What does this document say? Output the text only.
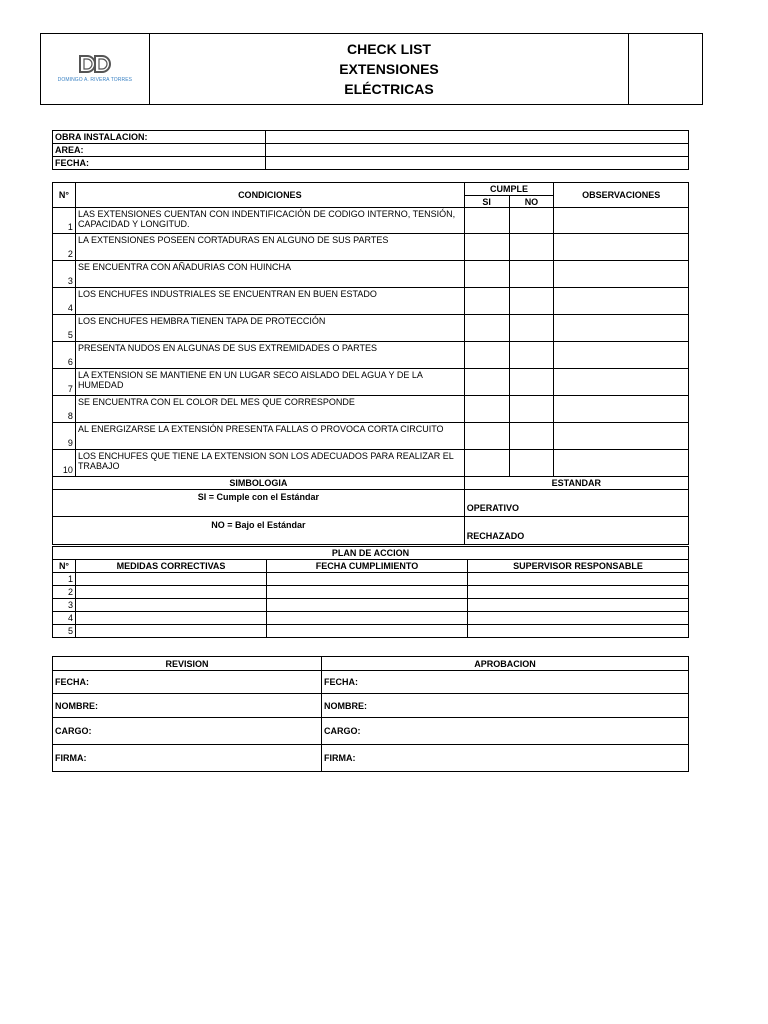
DOMINGO A. RIVERA TORRES

CHECK LIST
EXTENSIONES
ELÉCTRICAS

OBRA INSTALACION:	
AREA:	
FECHA:	
N°	CONDICIONES	CUMPLE		OBSERVACIONES
		SI	NO	
1	LAS EXTENSIONES CUENTAN CON INDENTIFICACIÓN DE CODIGO INTERNO, TENSIÓN, CAPACIDAD Y LONGITUD.			
2	LA EXTENSIONES POSEEN CORTADURAS EN ALGUNO DE SUS PARTES			
3	SE ENCUENTRA CON AÑADURIAS CON HUINCHA			
4	LOS ENCHUFES INDUSTRIALES SE ENCUENTRAN EN BUEN ESTADO			
5	LOS ENCHUFES HEMBRA TIENEN TAPA DE PROTECCIÓN			
6	PRESENTA NUDOS EN ALGUNAS DE SUS EXTREMIDADES O PARTES			
7	LA EXTENSION SE MANTIENE EN UN LUGAR SECO AISLADO DEL AGUA Y DE LA HUMEDAD			
8	SE ENCUENTRA CON EL COLOR DEL MES QUE CORRESPONDE			
9	AL ENERGIZARSE LA EXTENSIÓN PRESENTA FALLAS O PROVOCA CORTA CIRCUITO			
10	LOS ENCHUFES QUE TIENE LA EXTENSION SON LOS ADECUADOS PARA REALIZAR EL TRABAJO			
SIMBOLOGIA		ESTANDAR		
SI = Cumple con el Estándar		OPERATIVO		
NO = Bajo el Estándar		RECHAZADO		
PLAN DE ACCION			
N°	MEDIDAS CORRECTIVAS	FECHA CUMPLIMIENTO	SUPERVISOR RESPONSABLE
1			
2			
3			
4			
5			
REVISION	APROBACION
FECHA:	FECHA:
NOMBRE:	NOMBRE:
CARGO:	CARGO:
FIRMA:	FIRMA:
